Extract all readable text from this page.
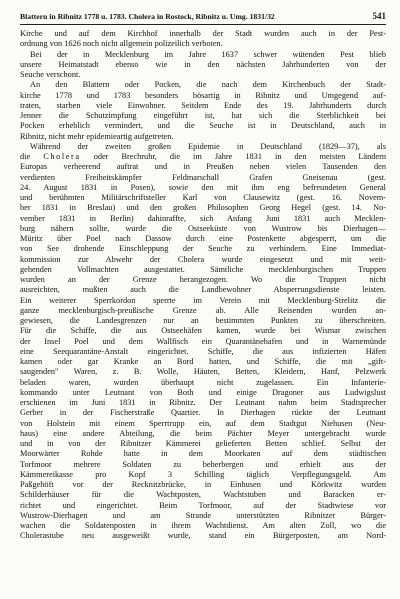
Blattern in Ribnitz 1778 u. 1783. Cholera in Rostock, Ribnitz u. Umg. 1831/32	541
Kirche und auf dem Kirchhof innerhalb der Stadt wurden auch in der Pest-
ordnung von 1626 noch nicht allgemein polizeilich verboten.
Bei der in Mecklenburg im Jahre 1637 schwer wütenden Pest blieb
unsere Heimatstadt ebenso wie in den nächsten Jahrhunderten von der
Seuche verschont.
An den Blattern oder Pocken, die nach dem Kirchenbuch der Stadt-
kirche 1778 und 1783 besonders bösartig in Ribnitz und Umgegend auf-
traten, starben viele Einwohner. Seitdem Ende des 19. Jahrhunderts durch
Jenner die Schutzimpfung eingeführt ist, hat sich die Sterblichkeit bei
Pocken erheblich vermindert, und die Seuche ist in Deutschland, auch in
Ribnitz, nicht mehr epidemieartig aufgetreten.
Während der zweiten großen Epidemie in Deutschland (1829—37), als
die Cholera oder Brechruhr, die im Jahre 1831 in den meisten Ländern
Europas verheerend auftrat und in Preußen neben vielen Tausenden den
verdienten Freiheitskämpfer Feldmarschall Grafen Gneisenau (gest.
24. August 1831 in Posen), sowie den mit ihm eng befreundeten General
und berühmten Militärschriftsteller Karl von Clausewitz (gest. 16. Novem-
ber 1831 in Breslau) und den großen Philosophen Georg Hegel (gest. 14. No-
vember 1831 in Berlin) dahinraffte, sich Anfang Juni 1831 auch Mecklen-
burg nähern sollte, wurde die Ostseeküste von Wustrow bis Dierhagen—
Müritz über Poel nach Dassow durch eine Postenkette abgesperrt, um die
von See drohende Einschleppung der Seuche zu verhindern. Eine Immediat-
kommission zur Abwehr der Cholera wurde eingesetzt und mit weit-
gehenden Vollmachten ausgestattet. Sämtliche mecklenburgischen Truppen
wurden an der Grenze herangezogen. Wo die Truppen nicht
ausreichten, mußten auch die Landbewohner Absperrungsdienste leisten.
Ein weiterer Sperrkordon sperrte im Verein mit Mecklenburg-Strelitz die
ganze mecklenburgisch-preußische Grenze ab. Alle Reisenden wurden an-
gewiesen, die Landesgrenzen nur an bestimmten Punkten zu überschreiten.
Für die Schiffe, die aus Ostseehäfen kamen, wurde bei Wismar zwischen
der Insel Poel und dem Wallfisch ein Quarantänehafen und in Warnemünde
eine Seequarantäne-Anstalt eingerichtet. Schiffe, die aus infizierten Häfen
kamen oder gar Kranke an Bord hatten, und Schiffe, die mit „gift-
saugenden" Waren, z. B. Wolle, Häuten, Betten, Kleidern, Hanf, Pelzwerk
beladen waren, wurden überhaupt nicht zugelassen. Ein Infanterie-
kommando unter Leutnant von Both und einige Dragoner aus Ludwigslust
erschienen im Juni 1831 in Ribnitz. Der Leutnant nahm beim Stadtsprecher
Gerber in der Fischerstraße Quartier. In Dierhagen rückte der Leutnant
von Holstein mit einem Sperrtrupp ein, auf dem Stadtgut Niehusen (Neu-
haus) eine andere Abteilung, die beim Pächter Meyer untergebracht wurde
und in von der Ribnitzer Kämmerei gelieferten Betten schlief. Selbst der
Moorwärter Rohde hatte in dem Moorkaten auf dem städtischen
Torfmoor mehrere Soldaten zu beherbergen und erhielt aus der
Kämmereikasse pro Kopf 3 Schilling täglich Verpflegungsgeld. Am
Paßgehöft vor der Recknitzbrücke, in Einhusen und Körkwitz wurden
Schilderhäuser für die Wachtposten, Wachtstuben und Baracken er-
richtet und eingerichtet. Beim Torfmoor, auf der Stadtwiese vor
Wustrow-Dierhagen und am Strande unterstützten Ribnitzer Bürger-
wachen die Soldatenposten in ihrem Wachtdienst. Am alten Zoll, wo die
Cholerastube neu ausgeweißt wurde, stand ein Bürgerposten, am Nord-
